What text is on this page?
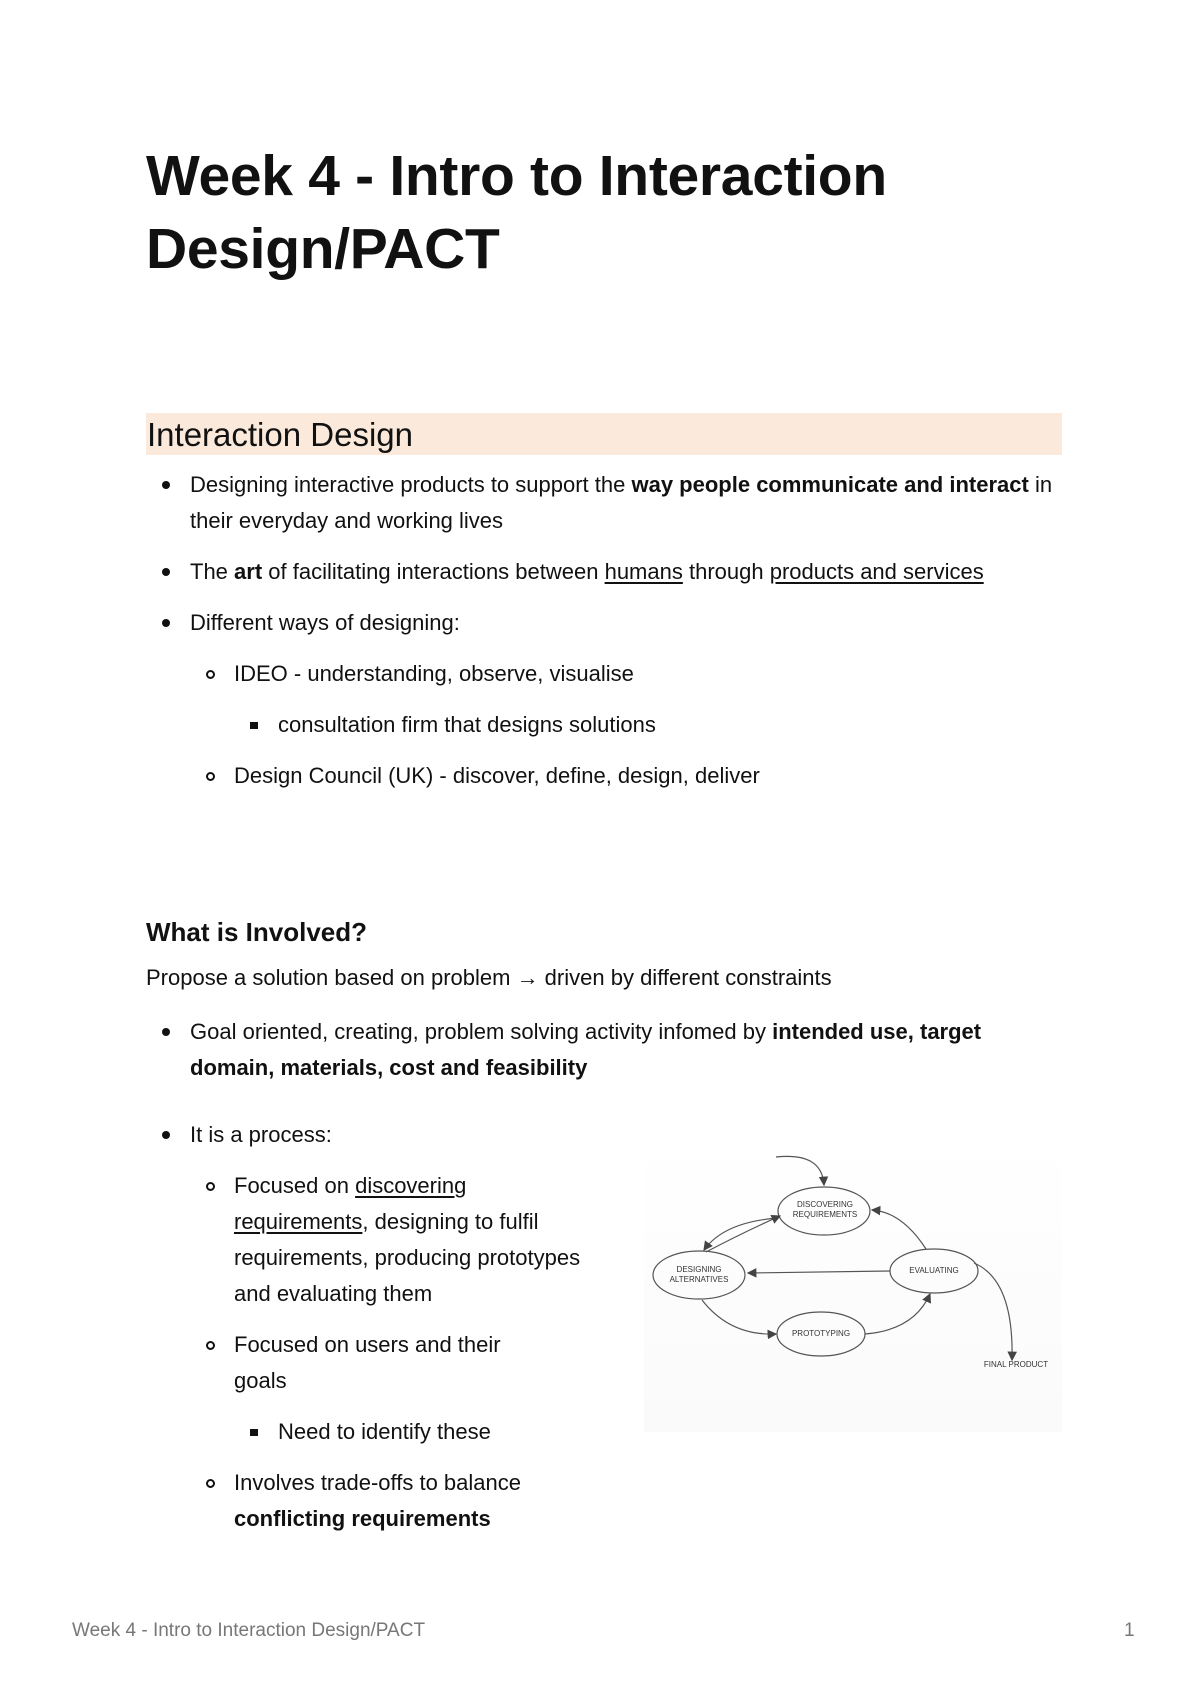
Week 4 - Intro to Interaction Design/PACT
Interaction Design
Designing interactive products to support the way people communicate and interact in their everyday and working lives
The art of facilitating interactions between humans through products and services
Different ways of designing:
IDEO - understanding, observe, visualise
consultation firm that designs solutions
Design Council (UK) - discover, define, design, deliver
What is Involved?

Propose a solution based on problem → driven by different constraints

Goal oriented, creating, problem solving activity infomed by intended use, target domain, materials, cost and feasibility
It is a process:
Focused on discovering requirements, designing to fulfil requirements, producing prototypes and evaluating them
Focused on users and their goals
Need to identify these
Involves trade-offs to balance conflicting requirements
DISCOVERING REQUIREMENTS
DESIGNING ALTERNATIVES
EVALUATING
PROTOTYPING
FINAL PRODUCT
Week 4 - Intro to Interaction Design/PACT	1
